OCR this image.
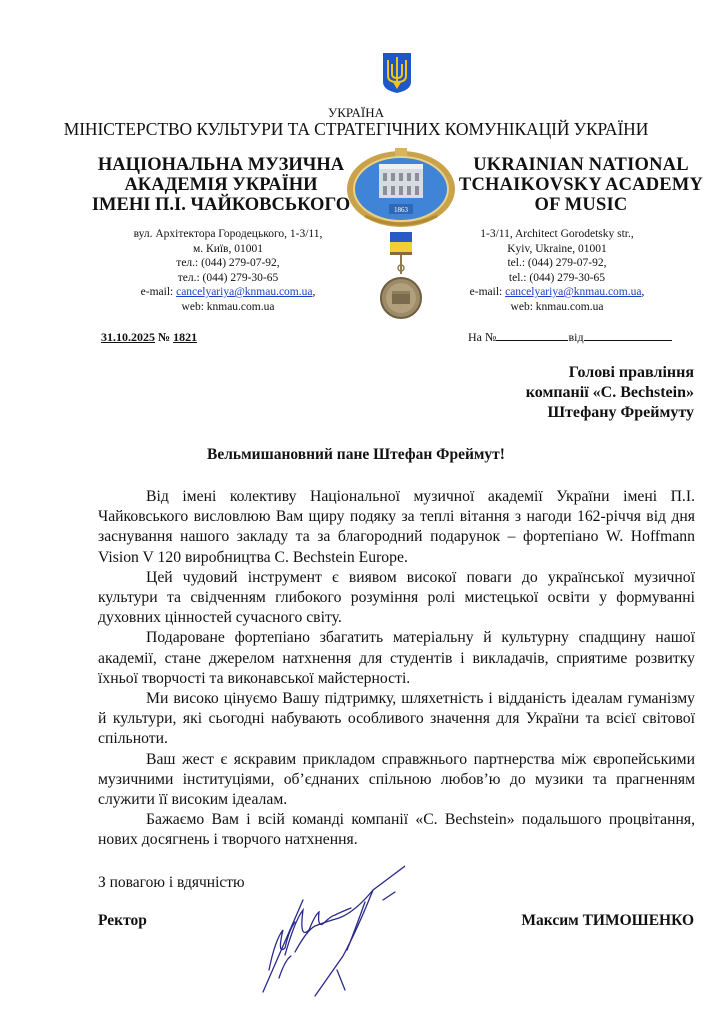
УКРАЇНА
МІНІСТЕРСТВО КУЛЬТУРИ ТА СТРАТЕГІЧНИХ КОМУНІКАЦІЙ УКРАЇНИ
НАЦІОНАЛЬНА МУЗИЧНА
АКАДЕМІЯ УКРАЇНИ
ІМЕНІ П.І. ЧАЙКОВСЬКОГО
UKRAINIAN NATIONAL
TCHAIKOVSKY ACADEMY
OF MUSIC
1863
вул. Архітектора Городецького, 1-3/11,
м. Київ, 01001
тел.: (044) 279-07-92,
тел.: (044) 279-30-65
e-mail: cancelyariya@knmau.com.ua,
web: knmau.com.ua
1-3/11, Architect Gorodetsky str.,
Kyiv, Ukraine, 01001
tel.: (044) 279-07-92,
tel.: (044) 279-30-65
e-mail: cancelyariya@knmau.com.ua,
web: knmau.com.ua
31.10.2025 № 1821	На №	від
Голові правління
компанії «C. Bechstein»
Штефану Фреймуту
Вельмишановний пане Штефан Фреймут!

Від імені колективу Національної музичної академії України імені П.І. Чайковського висловлюю Вам щиру подяку за теплі вітання з нагоди 162-річчя від дня заснування нашого закладу та за благородний подарунок – фортепіано W. Hoffmann Vision V 120 виробництва C. Bechstein Europe.

Цей чудовий інструмент є виявом високої поваги до української музичної культури та свідченням глибокого розуміння ролі мистецької освіти у формуванні духовних цінностей сучасного світу.

Подароване фортепіано збагатить матеріальну й культурну спадщину нашої академії, стане джерелом натхнення для студентів і викладачів, сприятиме розвитку їхньої творчості та виконавської майстерності.

Ми високо цінуємо Вашу підтримку, шляхетність і відданість ідеалам гуманізму й культури, які сьогодні набувають особливого значення для України та всієї світової спільноти.

Ваш жест є яскравим прикладом справжнього партнерства між європейськими музичними інституціями, об’єднаних спільною любов’ю до музики та прагненням служити її високим ідеалам.

Бажаємо Вам і всій команді компанії «C. Bechstein» подальшого процвітання, нових досягнень і творчого натхнення.

З повагою і вдячністю
Ректор	Максим ТИМОШЕНКО
